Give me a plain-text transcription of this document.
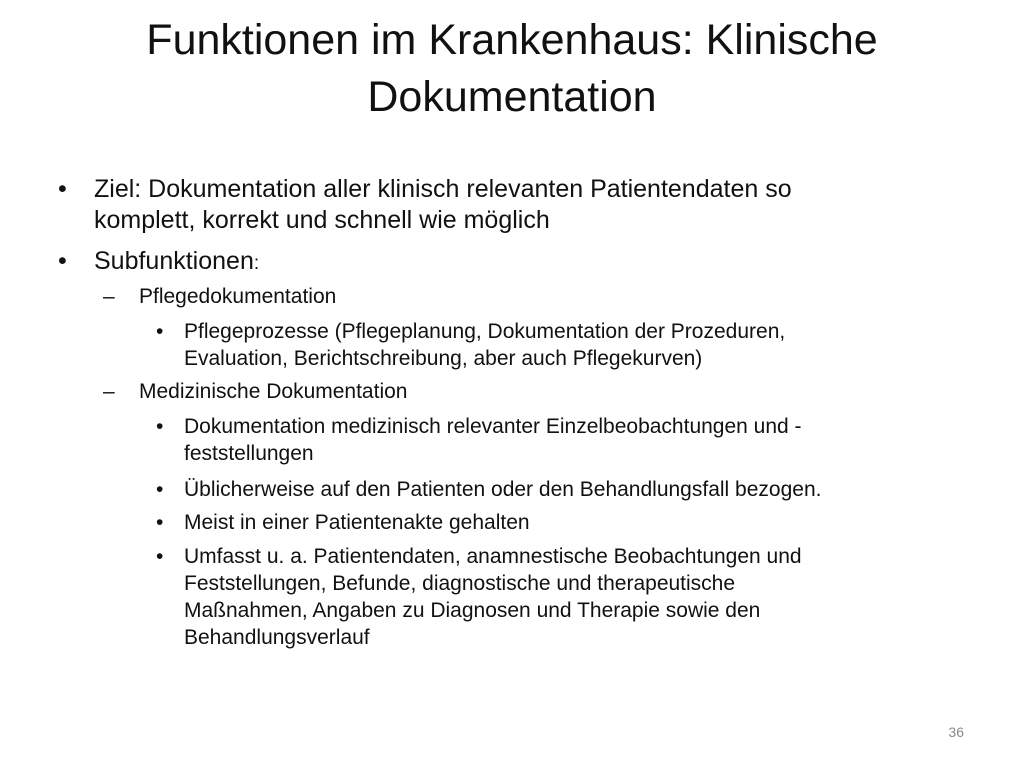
Funktionen im Krankenhaus: Klinische
Dokumentation
• Ziel: Dokumentation aller klinisch relevanten Patientendaten so
komplett, korrekt und schnell wie möglich
• Subfunktionen:
– Pflegedokumentation
• Pflegeprozesse (Pflegeplanung, Dokumentation der Prozeduren,
Evaluation, Berichtschreibung, aber auch Pflegekurven)
– Medizinische Dokumentation
• Dokumentation medizinisch relevanter Einzelbeobachtungen und -
feststellungen
• Üblicherweise auf den Patienten oder den Behandlungsfall bezogen.
• Meist in einer Patientenakte gehalten
• Umfasst u. a. Patientendaten, anamnestische Beobachtungen und
Feststellungen, Befunde, diagnostische und therapeutische
Maßnahmen, Angaben zu Diagnosen und Therapie sowie den
Behandlungsverlauf
36
